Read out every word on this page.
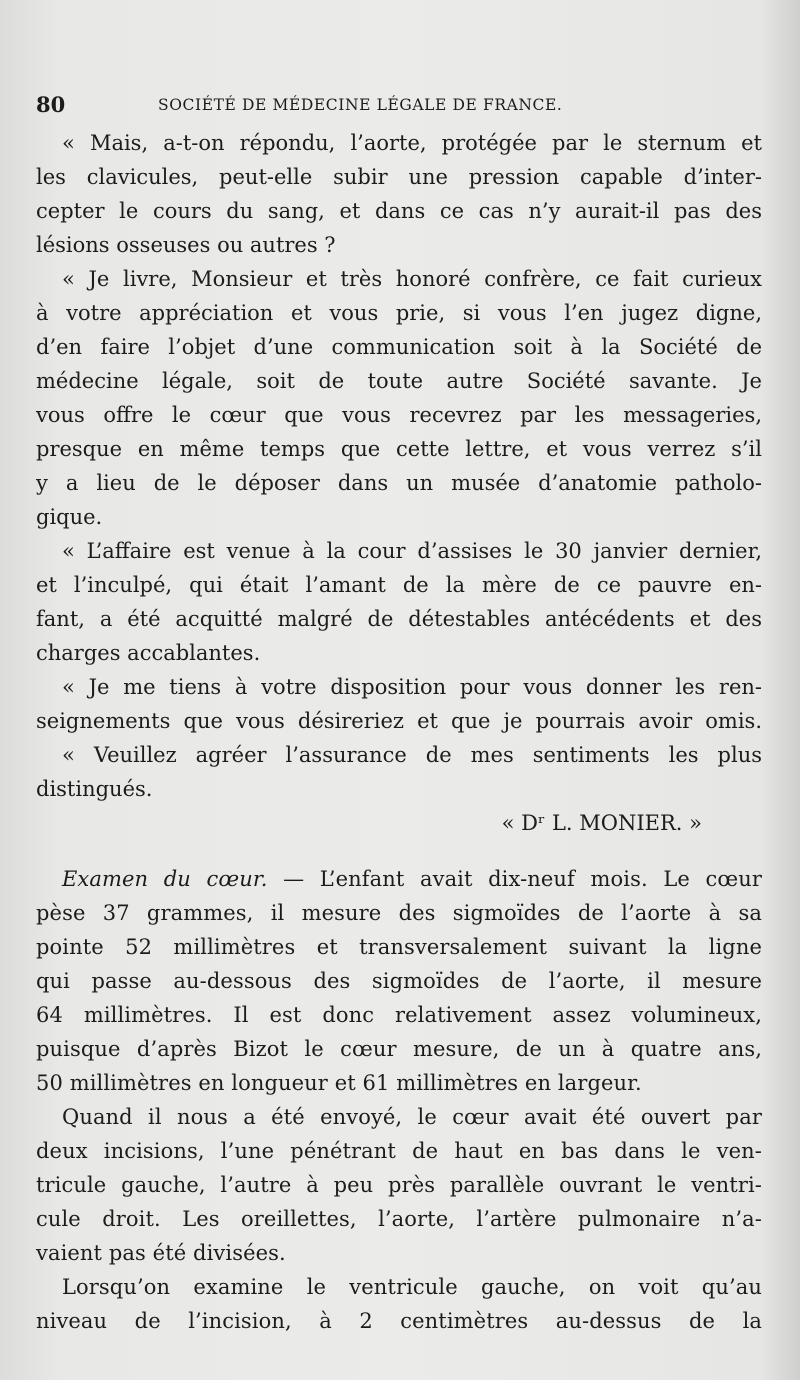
80	SOCIÉTÉ DE MÉDECINE LÉGALE DE FRANCE.
« Mais, a-t-on répondu, l’aorte, protégée par le sternum et
les clavicules, peut-elle subir une pression capable d’inter-
cepter le cours du sang, et dans ce cas n’y aurait-il pas des
lésions osseuses ou autres ?
« Je livre, Monsieur et très honoré confrère, ce fait curieux
à votre appréciation et vous prie, si vous l’en jugez digne,
d’en faire l’objet d’une communication soit à la Société de
médecine légale, soit de toute autre Société savante. Je
vous offre le cœur que vous recevrez par les messageries,
presque en même temps que cette lettre, et vous verrez s’il
y a lieu de le déposer dans un musée d’anatomie patholo-
gique.
« L’affaire est venue à la cour d’assises le 30 janvier dernier,
et l’inculpé, qui était l’amant de la mère de ce pauvre en-
fant, a été acquitté malgré de détestables antécédents et des
charges accablantes.
« Je me tiens à votre disposition pour vous donner les ren-
seignements que vous désireriez et que je pourrais avoir omis.
« Veuillez agréer l’assurance de mes sentiments les plus
distingués.
« Dʳ L. MONIER. »
Examen du cœur. — L’enfant avait dix-neuf mois. Le cœur
pèse 37 grammes, il mesure des sigmoïdes de l’aorte à sa
pointe 52 millimètres et transversalement suivant la ligne
qui passe au-dessous des sigmoïdes de l’aorte, il mesure
64 millimètres. Il est donc relativement assez volumineux,
puisque d’après Bizot le cœur mesure, de un à quatre ans,
50 millimètres en longueur et 61 millimètres en largeur.
Quand il nous a été envoyé, le cœur avait été ouvert par
deux incisions, l’une pénétrant de haut en bas dans le ven-
tricule gauche, l’autre à peu près parallèle ouvrant le ventri-
cule droit. Les oreillettes, l’aorte, l’artère pulmonaire n’a-
vaient pas été divisées.
Lorsqu’on examine le ventricule gauche, on voit qu’au
niveau de l’incision, à 2 centimètres au-dessus de la
